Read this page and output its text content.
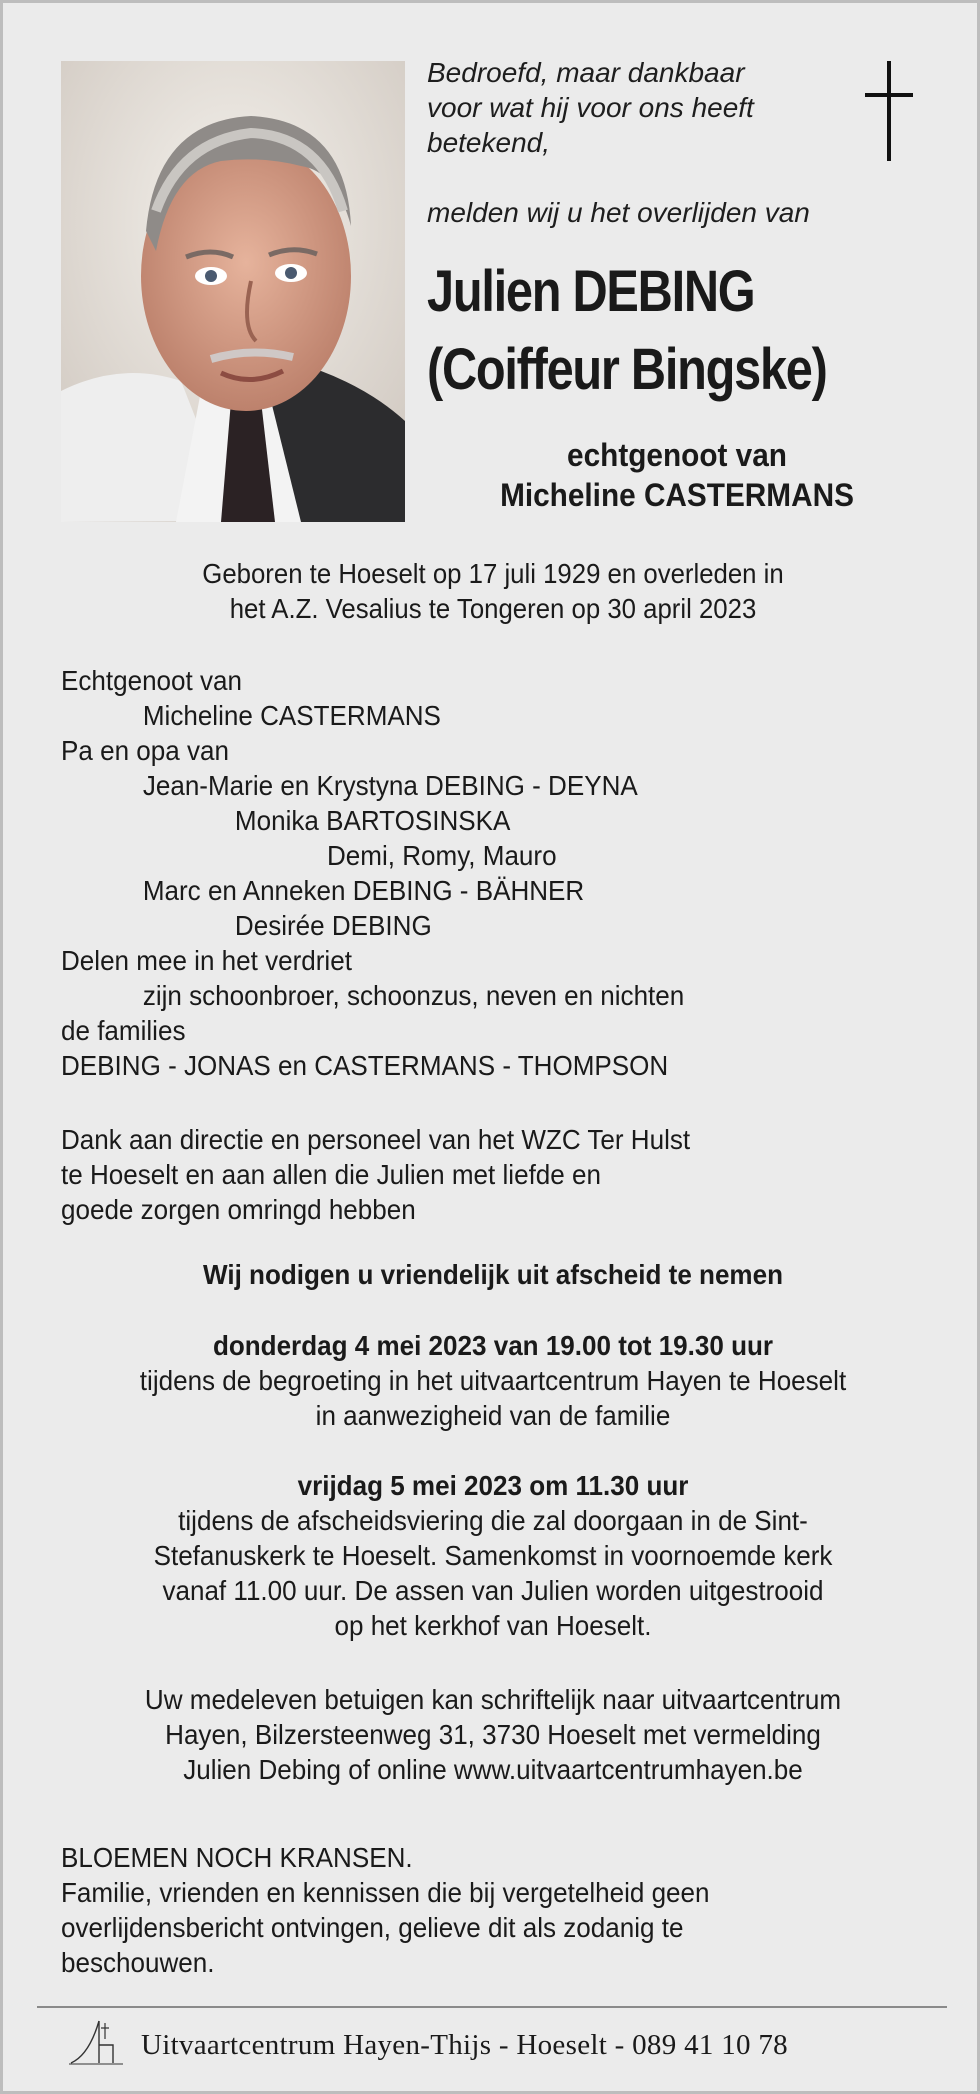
Bedroefd, maar dankbaar
voor wat hij voor ons heeft
betekend,
melden wij u het overlijden van
Julien DEBING
(Coiffeur Bingske)
echtgenoot van
Micheline CASTERMANS
Geboren te Hoeselt op 17 juli 1929 en overleden in
het A.Z. Vesalius te Tongeren op 30 april 2023
Echtgenoot van
Micheline CASTERMANS
Pa en opa van
Jean-Marie en Krystyna DEBING - DEYNA
Monika BARTOSINSKA
Demi, Romy, Mauro
Marc en Anneken DEBING - BÄHNER
Desirée DEBING
Delen mee in het verdriet
zijn schoonbroer, schoonzus, neven en nichten
de families
DEBING - JONAS en CASTERMANS - THOMPSON
Dank aan directie en personeel van het WZC Ter Hulst
te Hoeselt en aan allen die Julien met liefde en
goede zorgen omringd hebben
Wij nodigen u vriendelijk uit afscheid te nemen
donderdag 4 mei 2023 van 19.00 tot 19.30 uur
tijdens de begroeting in het uitvaartcentrum Hayen te Hoeselt
in aanwezigheid van de familie
vrijdag 5 mei 2023 om 11.30 uur
tijdens de afscheidsviering die zal doorgaan in de Sint-
Stefanuskerk te Hoeselt. Samenkomst in voornoemde kerk
vanaf 11.00 uur. De assen van Julien worden uitgestrooid
op het kerkhof van Hoeselt.
Uw medeleven betuigen kan schriftelijk naar uitvaartcentrum
Hayen, Bilzersteenweg 31, 3730 Hoeselt met vermelding
Julien Debing of online www.uitvaartcentrumhayen.be
BLOEMEN NOCH KRANSEN.
Familie, vrienden en kennissen die bij vergetelheid geen
overlijdensbericht ontvingen, gelieve dit als zodanig te
beschouwen.
Uitvaartcentrum Hayen-Thijs - Hoeselt - 089 41 10 78
